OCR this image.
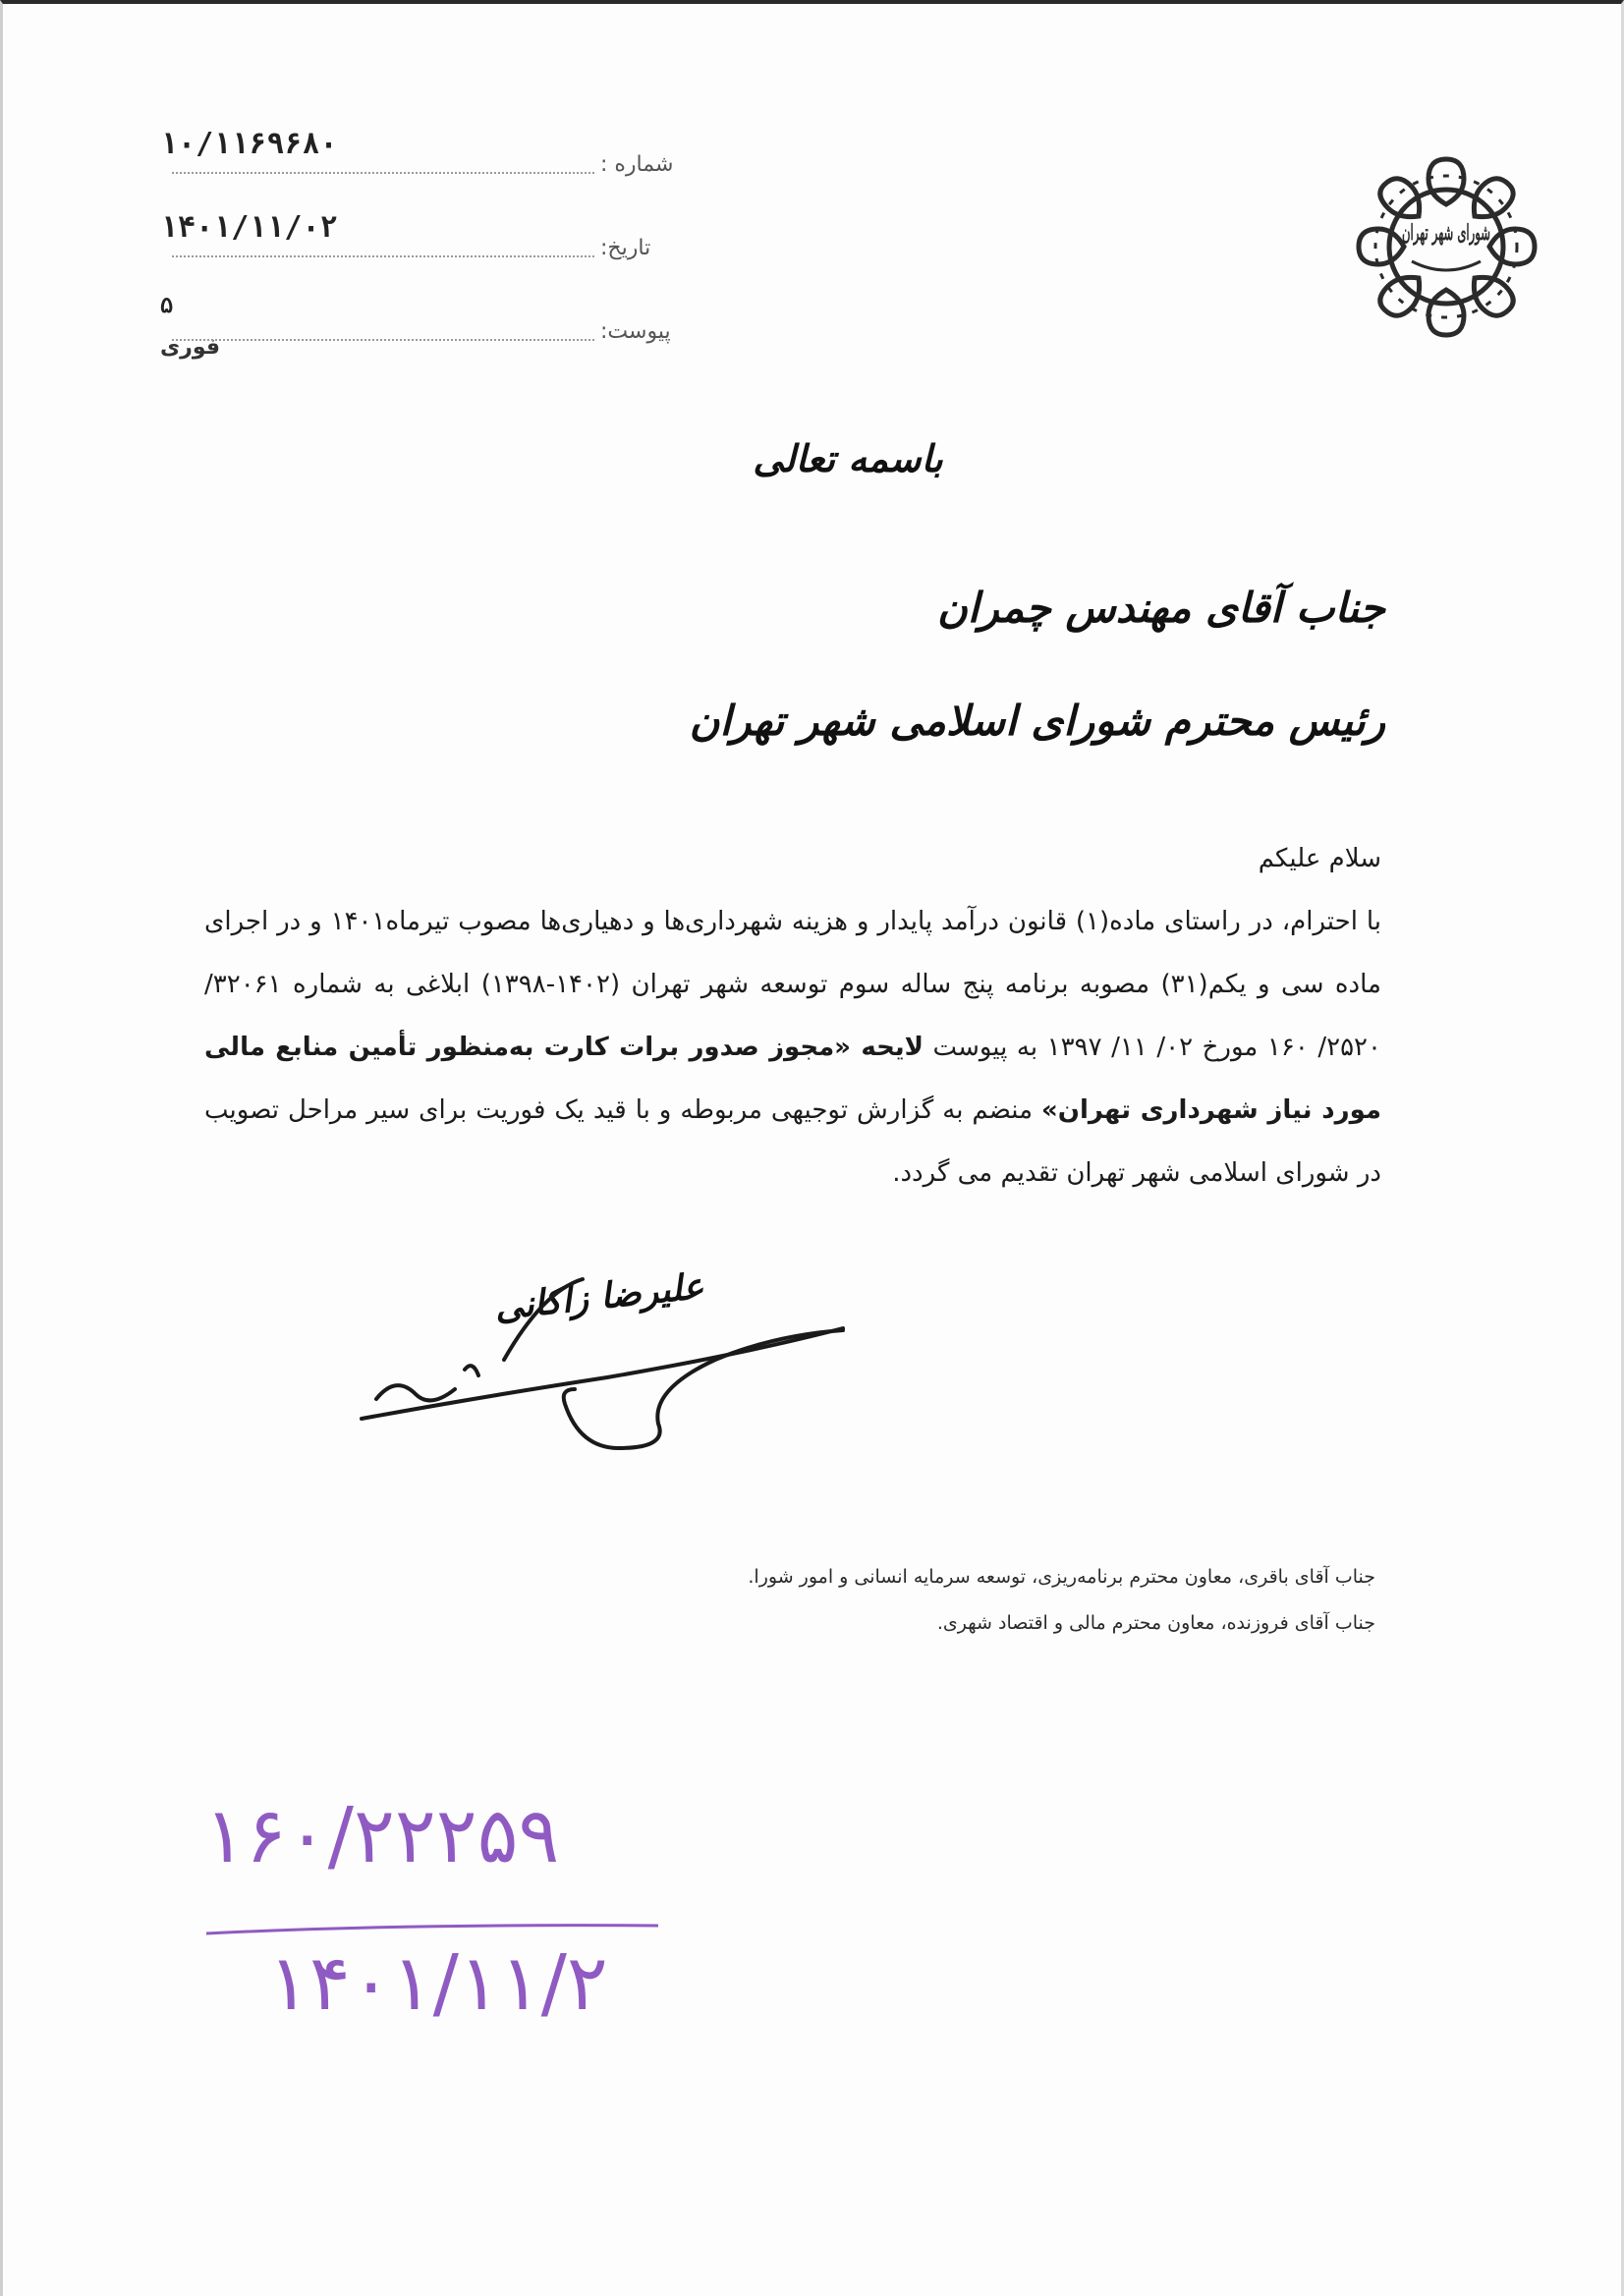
۱۰/۱۱۶۹۶۸۰
شماره :
۱۴۰۱/۱۱/۰۲
تاریخ:
۵
فوری
پیوست:
شورای شهر تهران
باسمه تعالی
جناب آقای مهندس چمران
رئیس محترم شورای اسلامی شهر تهران
سلام علیکم
با احترام، در راستای ماده(۱) قانون درآمد پایدار و هزینه شهرداری‌ها و دهیاری‌ها مصوب تیرماه۱۴۰۱ و در اجرای ماده سی و یکم(۳۱) مصوبه برنامه پنج ساله سوم توسعه شهر تهران (۱۴۰۲-۱۳۹۸) ابلاغی به شماره ۳۲۰۶۱/ ۲۵۲۰/ ۱۶۰ مورخ ۰۲/ ۱۱/ ۱۳۹۷ به پیوست لایحه «مجوز صدور برات کارت به‌منظور تأمین منابع مالی مورد نیاز شهرداری تهران» منضم به گزارش توجیهی مربوطه و با قید یک فوریت برای سیر مراحل تصویب در شورای اسلامی شهر تهران تقدیم می گردد.
علیرضا زاکانی
جناب آقای باقری، معاون محترم برنامه‌ریزی، توسعه سرمایه انسانی و امور شورا.
جناب آقای فروزنده، معاون محترم مالی و اقتصاد شهری.
۱۶۰/۲۲۲۵۹
۱۴۰۱/۱۱/۲
